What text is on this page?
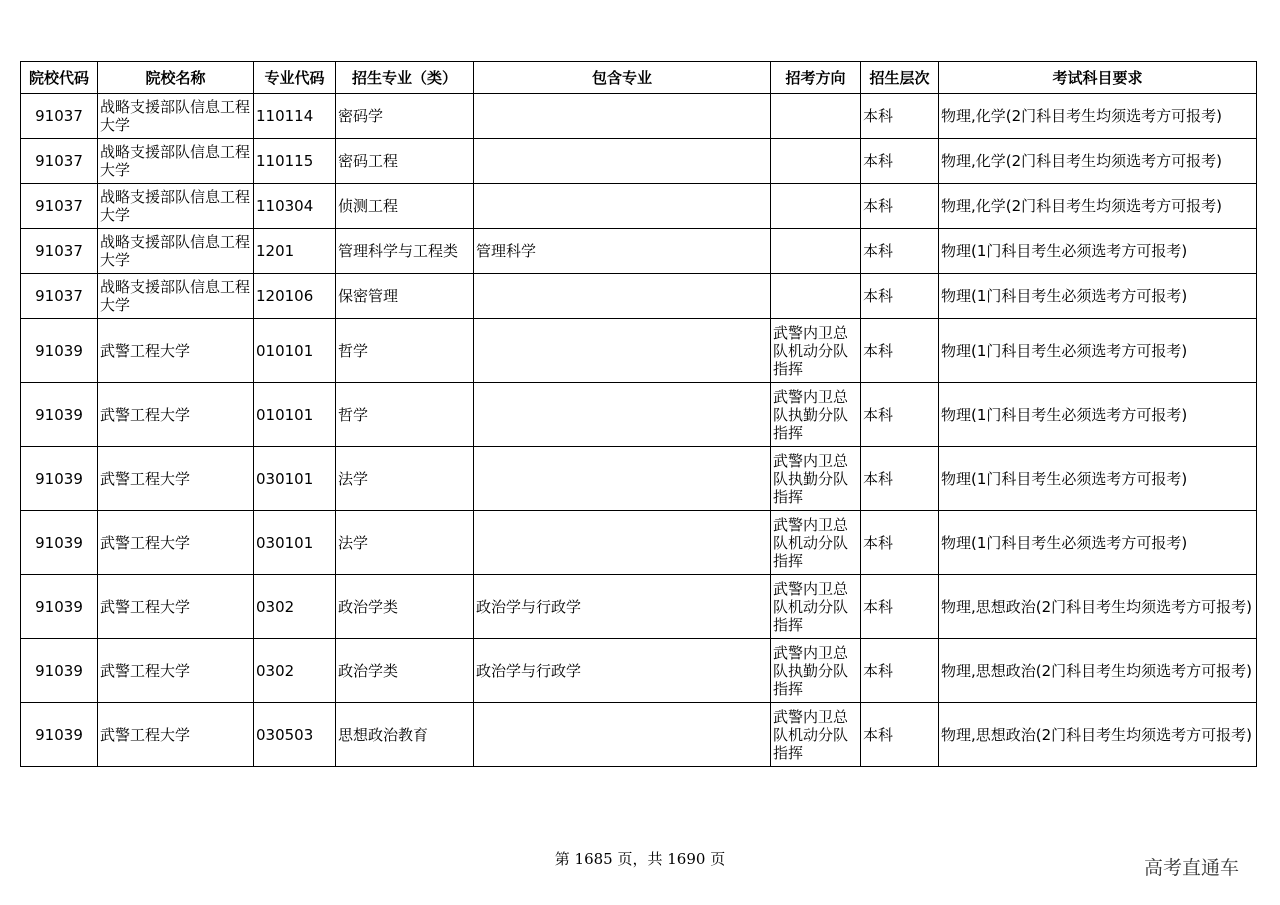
院校代码	院校名称	专业代码	招生专业（类）	包含专业	招考方向	招生层次	考试科目要求
91037	战略支援部队信息工程大学	110114	密码学			本科	物理,化学(2门科目考生均须选考方可报考)
91037	战略支援部队信息工程大学	110115	密码工程			本科	物理,化学(2门科目考生均须选考方可报考)
91037	战略支援部队信息工程大学	110304	侦测工程			本科	物理,化学(2门科目考生均须选考方可报考)
91037	战略支援部队信息工程大学	1201	管理科学与工程类	管理科学		本科	物理(1门科目考生必须选考方可报考)
91037	战略支援部队信息工程大学	120106	保密管理			本科	物理(1门科目考生必须选考方可报考)
91039	武警工程大学	010101	哲学		武警内卫总队机动分队指挥	本科	物理(1门科目考生必须选考方可报考)
91039	武警工程大学	010101	哲学		武警内卫总队执勤分队指挥	本科	物理(1门科目考生必须选考方可报考)
91039	武警工程大学	030101	法学		武警内卫总队执勤分队指挥	本科	物理(1门科目考生必须选考方可报考)
91039	武警工程大学	030101	法学		武警内卫总队机动分队指挥	本科	物理(1门科目考生必须选考方可报考)
91039	武警工程大学	0302	政治学类	政治学与行政学	武警内卫总队机动分队指挥	本科	物理,思想政治(2门科目考生均须选考方可报考)
91039	武警工程大学	0302	政治学类	政治学与行政学	武警内卫总队执勤分队指挥	本科	物理,思想政治(2门科目考生均须选考方可报考)
91039	武警工程大学	030503	思想政治教育		武警内卫总队机动分队指挥	本科	物理,思想政治(2门科目考生均须选考方可报考)
第 1685 页，共 1690 页	高考直通车
